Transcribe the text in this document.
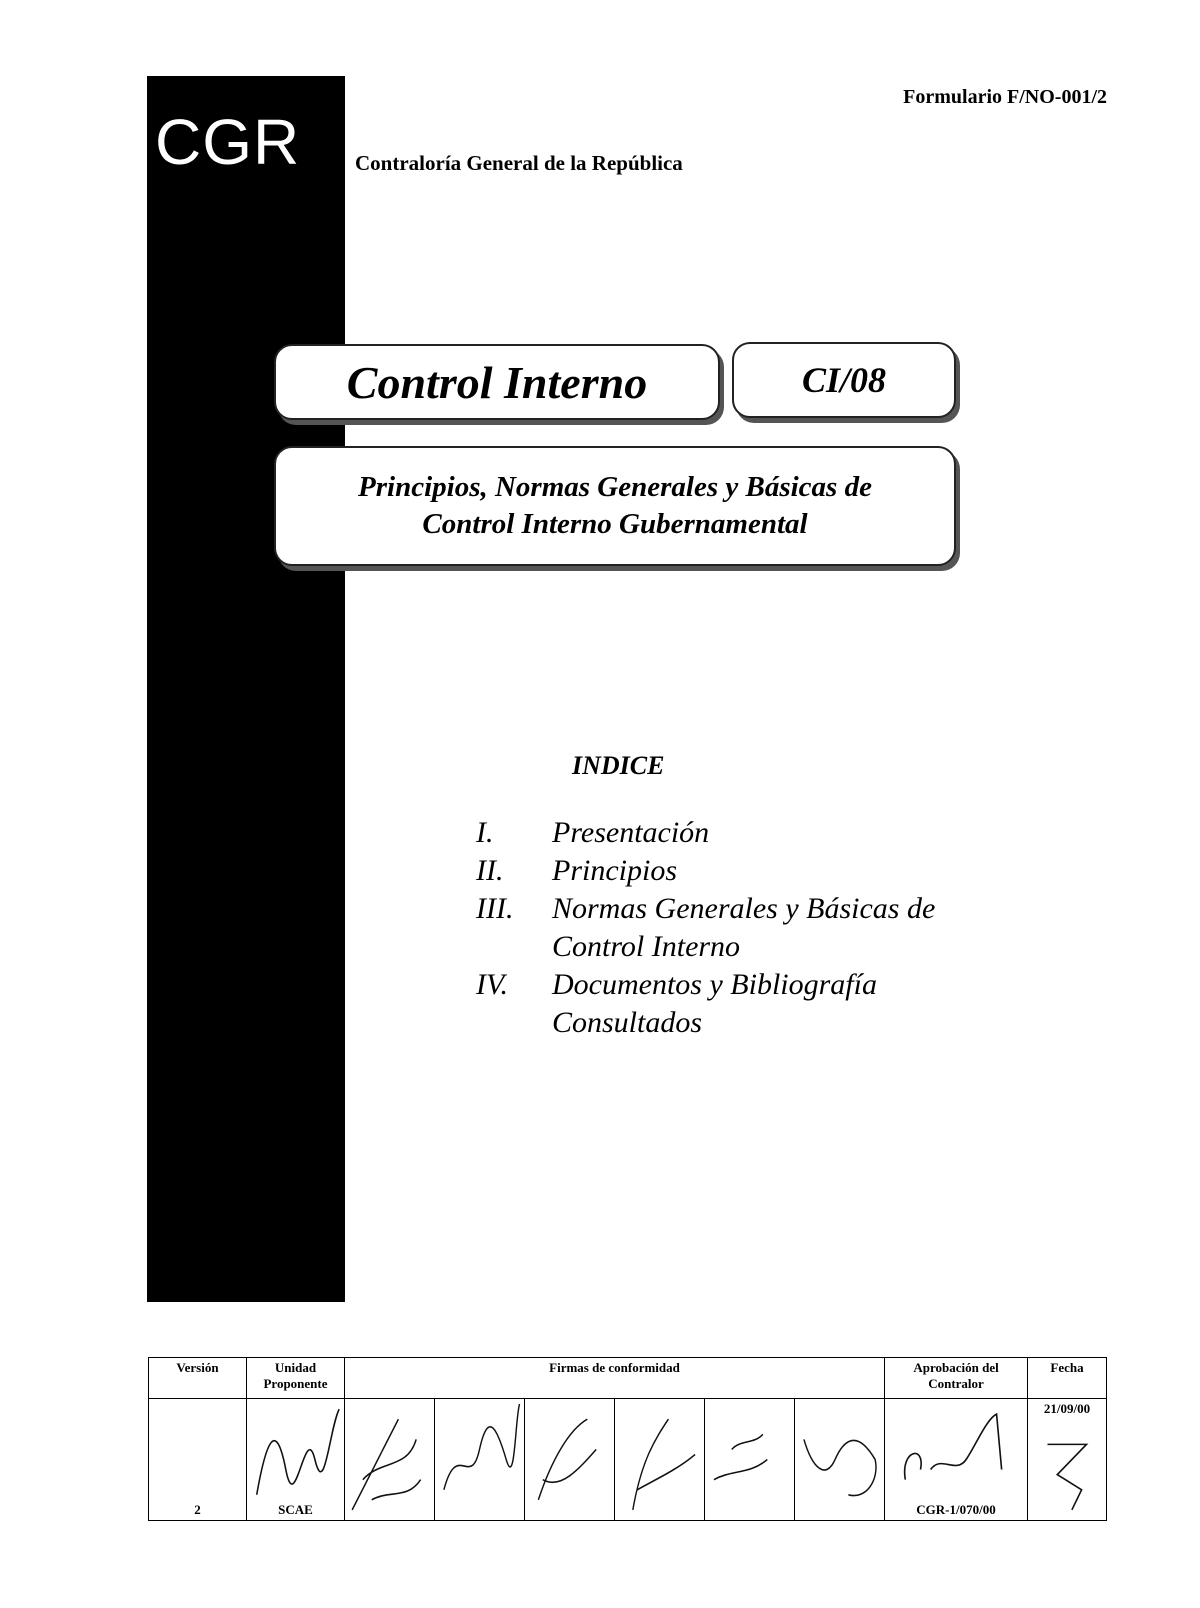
CGR
Formulario F/NO-001/2
Contraloría General de la República
Control Interno	CI/08
Principios, Normas Generales y Básicas de
Control Interno Gubernamental
INDICE
I.	Presentación
II.	Principios
III.	Normas Generales y Básicas de Control Interno
IV.	Documentos y Bibliografía Consultados
Versión	Unidad Proponente	Firmas de conformidad						Aprobación del Contralor	Fecha
2	SCAE							CGR-1/070/00	21/09/00
